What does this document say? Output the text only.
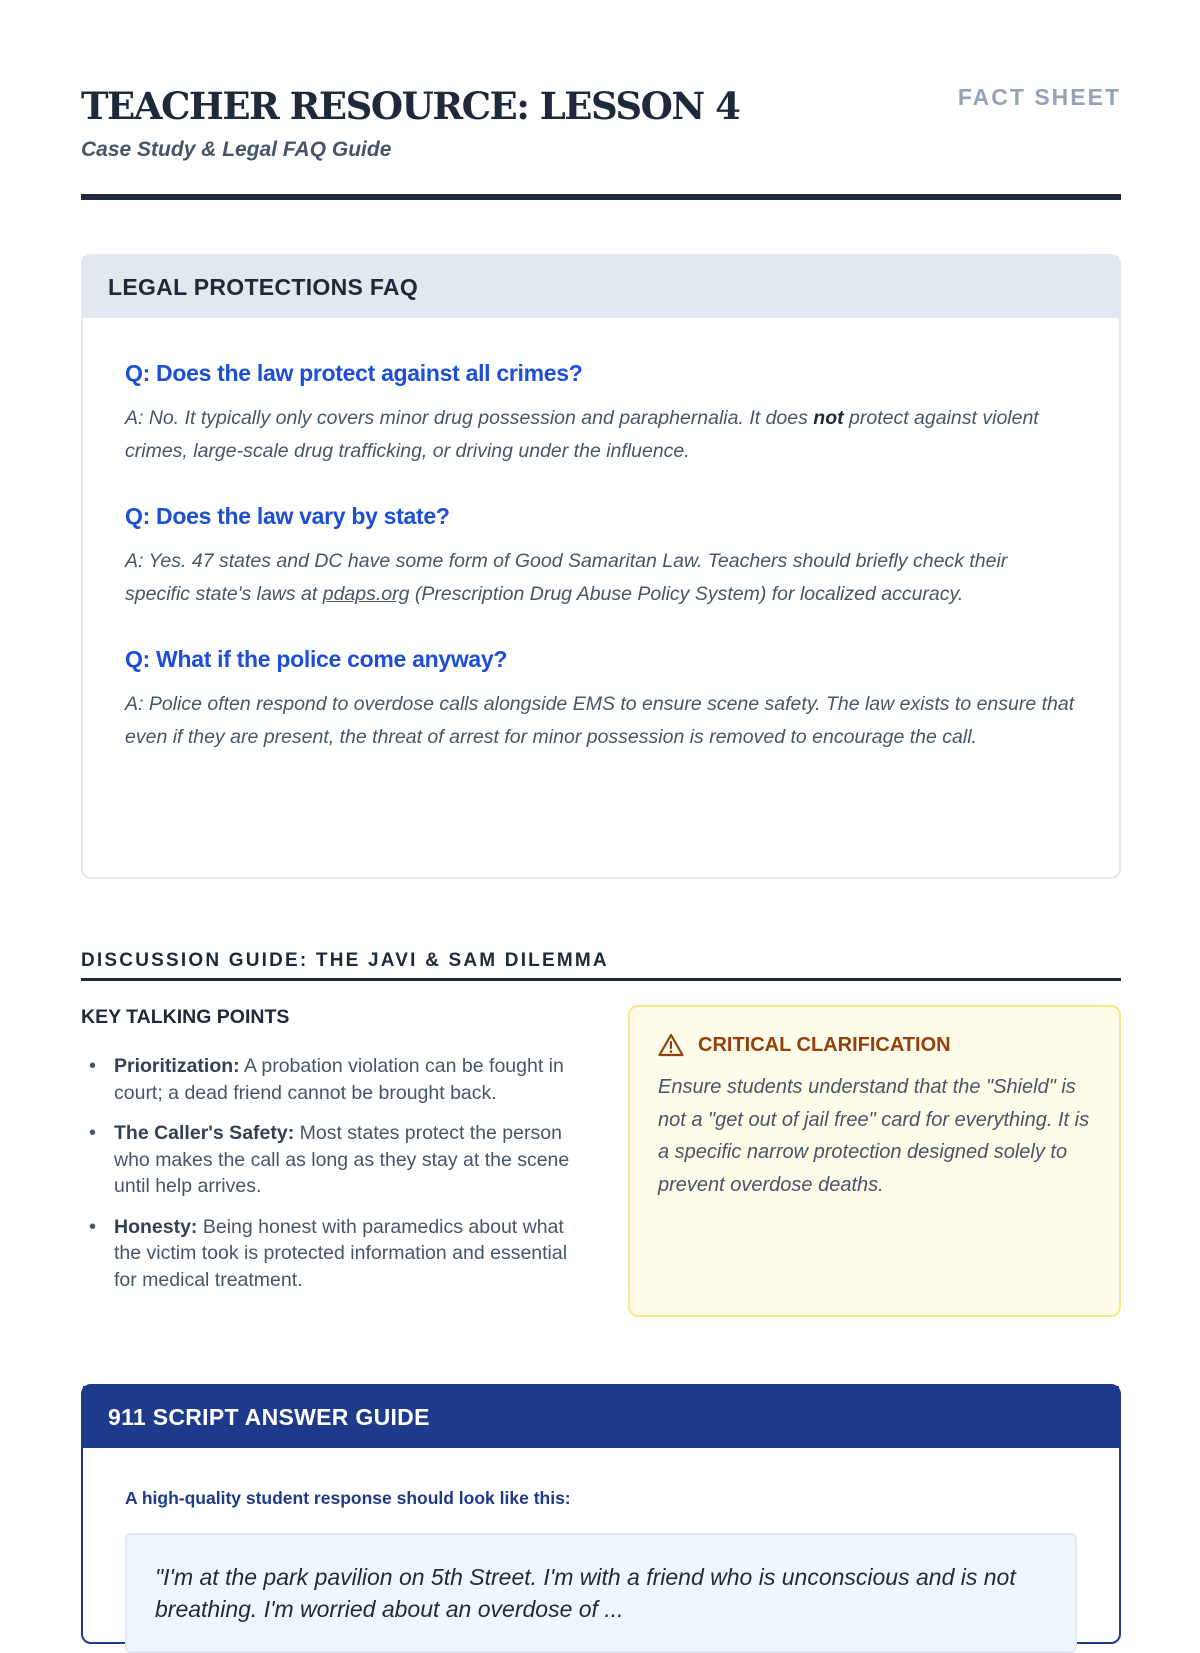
TEACHER RESOURCE: LESSON 4
Case Study & Legal FAQ Guide
FACT SHEET
LEGAL PROTECTIONS FAQ
Q: Does the law protect against all crimes?
A: No. It typically only covers minor drug possession and paraphernalia. It does not protect against violent crimes, large-scale drug trafficking, or driving under the influence.
Q: Does the law vary by state?
A: Yes. 47 states and DC have some form of Good Samaritan Law. Teachers should briefly check their specific state's laws at pdaps.org (Prescription Drug Abuse Policy System) for localized accuracy.
Q: What if the police come anyway?
A: Police often respond to overdose calls alongside EMS to ensure scene safety. The law exists to ensure that even if they are present, the threat of arrest for minor possession is removed to encourage the call.
DISCUSSION GUIDE: THE JAVI & SAM DILEMMA
KEY TALKING POINTS
• Prioritization: A probation violation can be fought in court; a dead friend cannot be brought back.
• The Caller's Safety: Most states protect the person who makes the call as long as they stay at the scene until help arrives.
• Honesty: Being honest with paramedics about what the victim took is protected information and essential for medical treatment.
CRITICAL CLARIFICATION
Ensure students understand that the "Shield" is not a "get out of jail free" card for everything. It is a specific narrow protection designed solely to prevent overdose deaths.
911 SCRIPT ANSWER GUIDE
A high-quality student response should look like this:
"I'm at the park pavilion on 5th Street. I'm with a friend who is unconscious and is not breathing. I'm worried about an overdose of ...
